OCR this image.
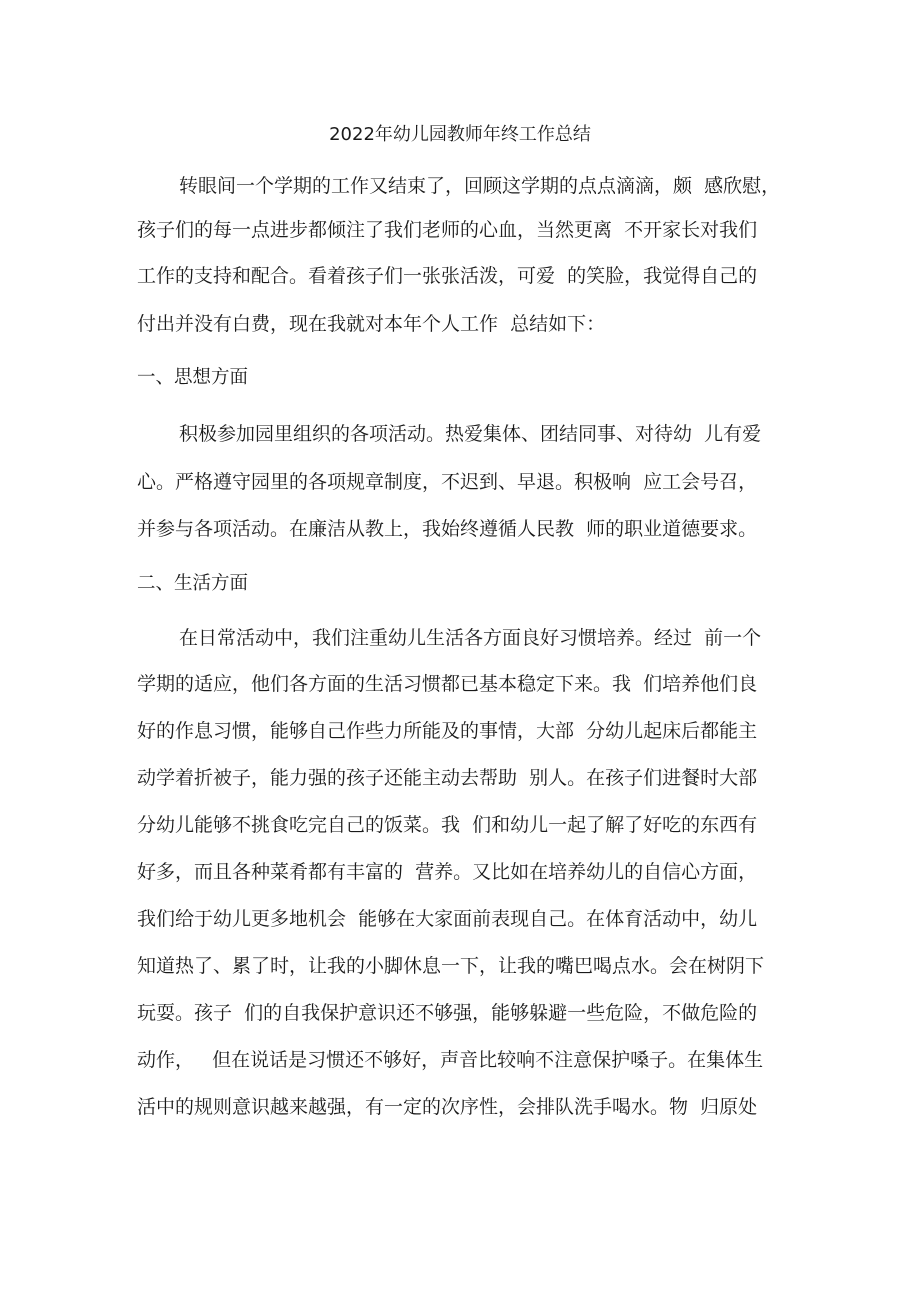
2022年幼儿园教师年终工作总结
转眼间一个学期的工作又结束了，回顾这学期的点点滴滴，颇  感欣慰，
孩子们的每一点进步都倾注了我们老师的心血，当然更离  不开家长对我们
工作的支持和配合。看着孩子们一张张活泼，可爱  的笑脸，我觉得自己的
付出并没有白费，现在我就对本年个人工作  总结如下：
一、思想方面
积极参加园里组织的各项活动。热爱集体、团结同事、对待幼  儿有爱
心。严格遵守园里的各项规章制度，不迟到、早退。积极响  应工会号召，
并参与各项活动。在廉洁从教上，我始终遵循人民教  师的职业道德要求。
二、生活方面
在日常活动中，我们注重幼儿生活各方面良好习惯培养。经过  前一个
学期的适应，他们各方面的生活习惯都已基本稳定下来。我  们培养他们良
好的作息习惯，能够自己作些力所能及的事情，大部  分幼儿起床后都能主
动学着折被子，能力强的孩子还能主动去帮助  别人。在孩子们进餐时大部
分幼儿能够不挑食吃完自己的饭菜。我  们和幼儿一起了解了好吃的东西有
好多，而且各种菜肴都有丰富的  营养。又比如在培养幼儿的自信心方面，
我们给于幼儿更多地机会  能够在大家面前表现自己。在体育活动中，幼儿
知道热了、累了时，让我的小脚休息一下，让我的嘴巴喝点水。会在树阴下
玩耍。孩子  们的自我保护意识还不够强，能够躲避一些危险，不做危险的
动作，   但在说话是习惯还不够好，声音比较响不注意保护嗓子。在集体生
活中的规则意识越来越强，有一定的次序性，会排队洗手喝水。物  归原处
